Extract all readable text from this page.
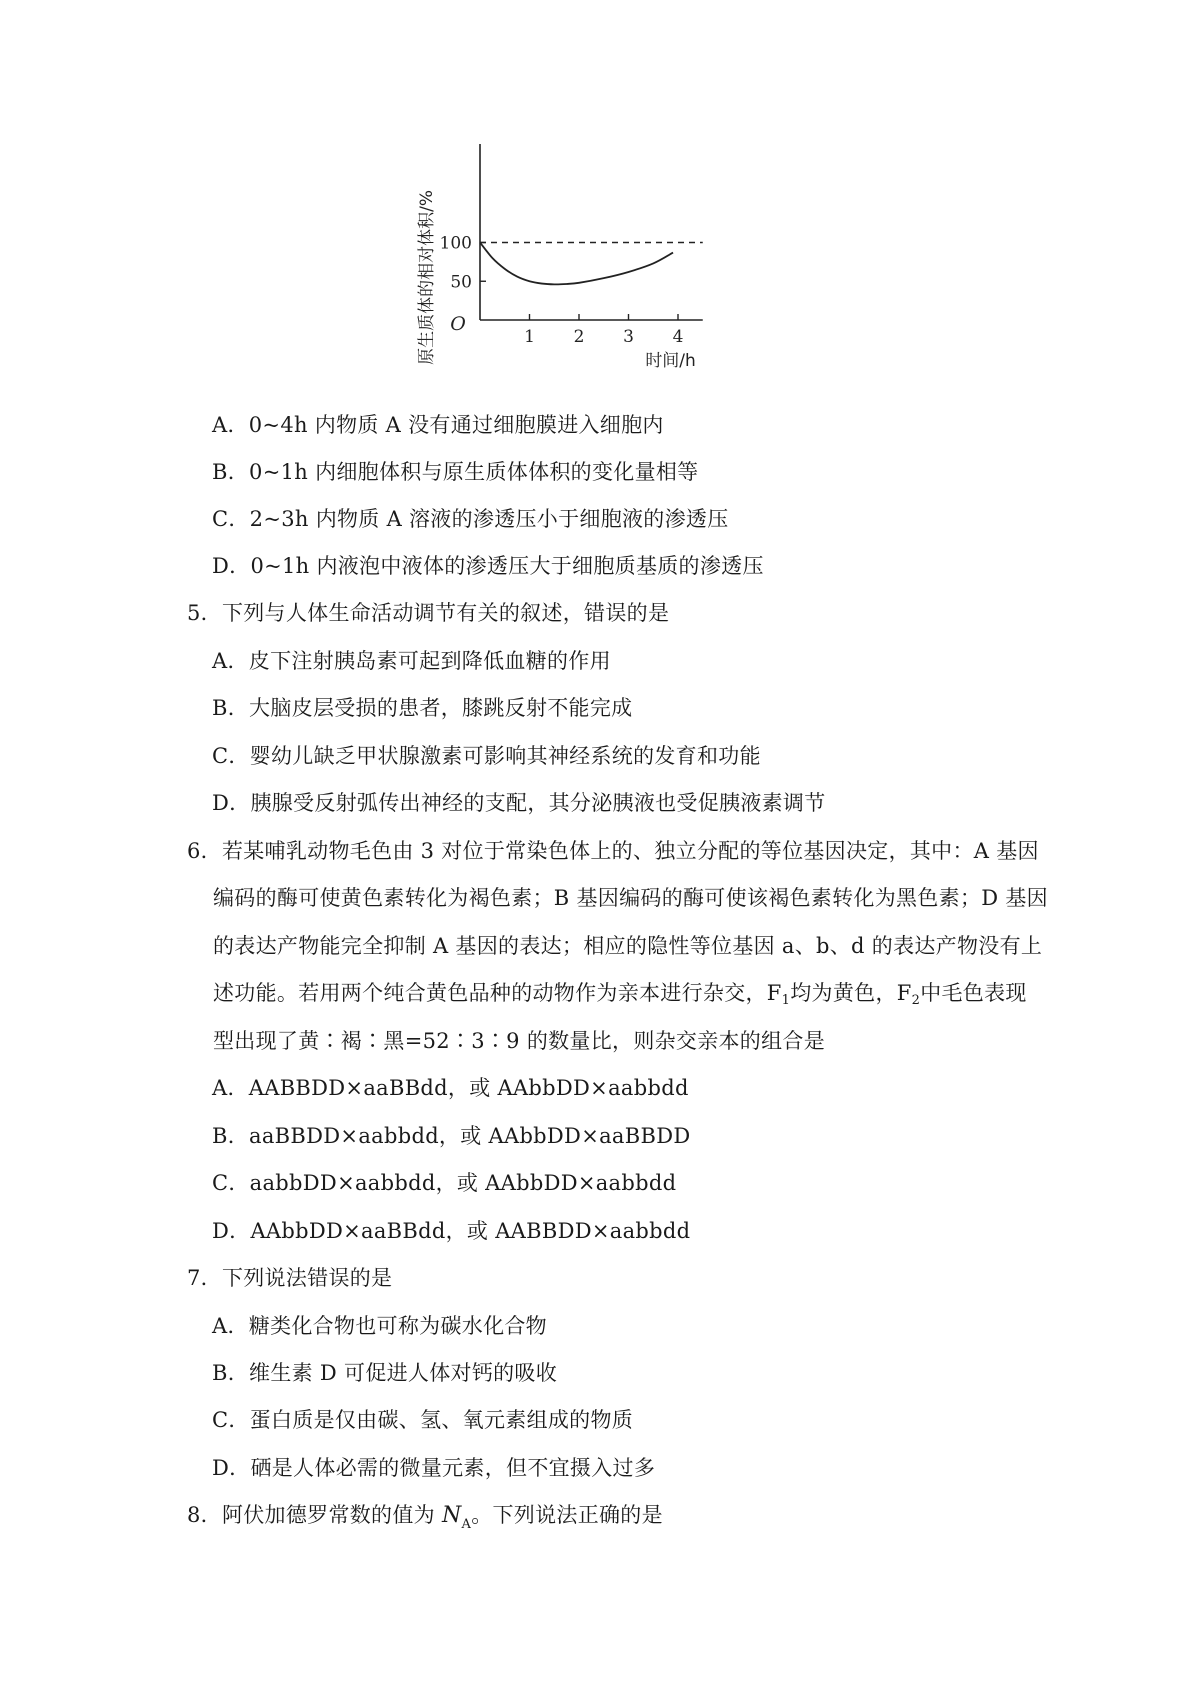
1 2 3 4
50
100
O
时间/h
原生质体的相对体积/%
A．0~4h 内物质 A 没有通过细胞膜进入细胞内
B．0~1h 内细胞体积与原生质体体积的变化量相等
C．2~3h 内物质 A 溶液的渗透压小于细胞液的渗透压
D．0~1h 内液泡中液体的渗透压大于细胞质基质的渗透压
5．下列与人体生命活动调节有关的叙述，错误的是
A．皮下注射胰岛素可起到降低血糖的作用
B．大脑皮层受损的患者，膝跳反射不能完成
C．婴幼儿缺乏甲状腺激素可影响其神经系统的发育和功能
D．胰腺受反射弧传出神经的支配，其分泌胰液也受促胰液素调节
6．若某哺乳动物毛色由 3 对位于常染色体上的、独立分配的等位基因决定，其中：A 基因
编码的酶可使黄色素转化为褐色素；B 基因编码的酶可使该褐色素转化为黑色素；D 基因
的表达产物能完全抑制 A 基因的表达；相应的隐性等位基因 a、b、d 的表达产物没有上
述功能。若用两个纯合黄色品种的动物作为亲本进行杂交，$F_1$均为黄色，$F_2$中毛色表现
型出现了黄∶褐∶黑=52∶3∶9 的数量比，则杂交亲本的组合是
A．AABBDD×aaBBdd，或 AAbbDD×aabbdd
B．aaBBDD×aabbdd，或 AAbbDD×aaBBDD
C．aabbDD×aabbdd，或 AAbbDD×aabbdd
D．AAbbDD×aaBBdd，或 AABBDD×aabbdd
7．下列说法错误的是
A．糖类化合物也可称为碳水化合物
B．维生素 D 可促进人体对钙的吸收
C．蛋白质是仅由碳、氢、氧元素组成的物质
D．硒是人体必需的微量元素，但不宜摄入过多
8．阿伏加德罗常数的值为 $N_A$。下列说法正确的是
